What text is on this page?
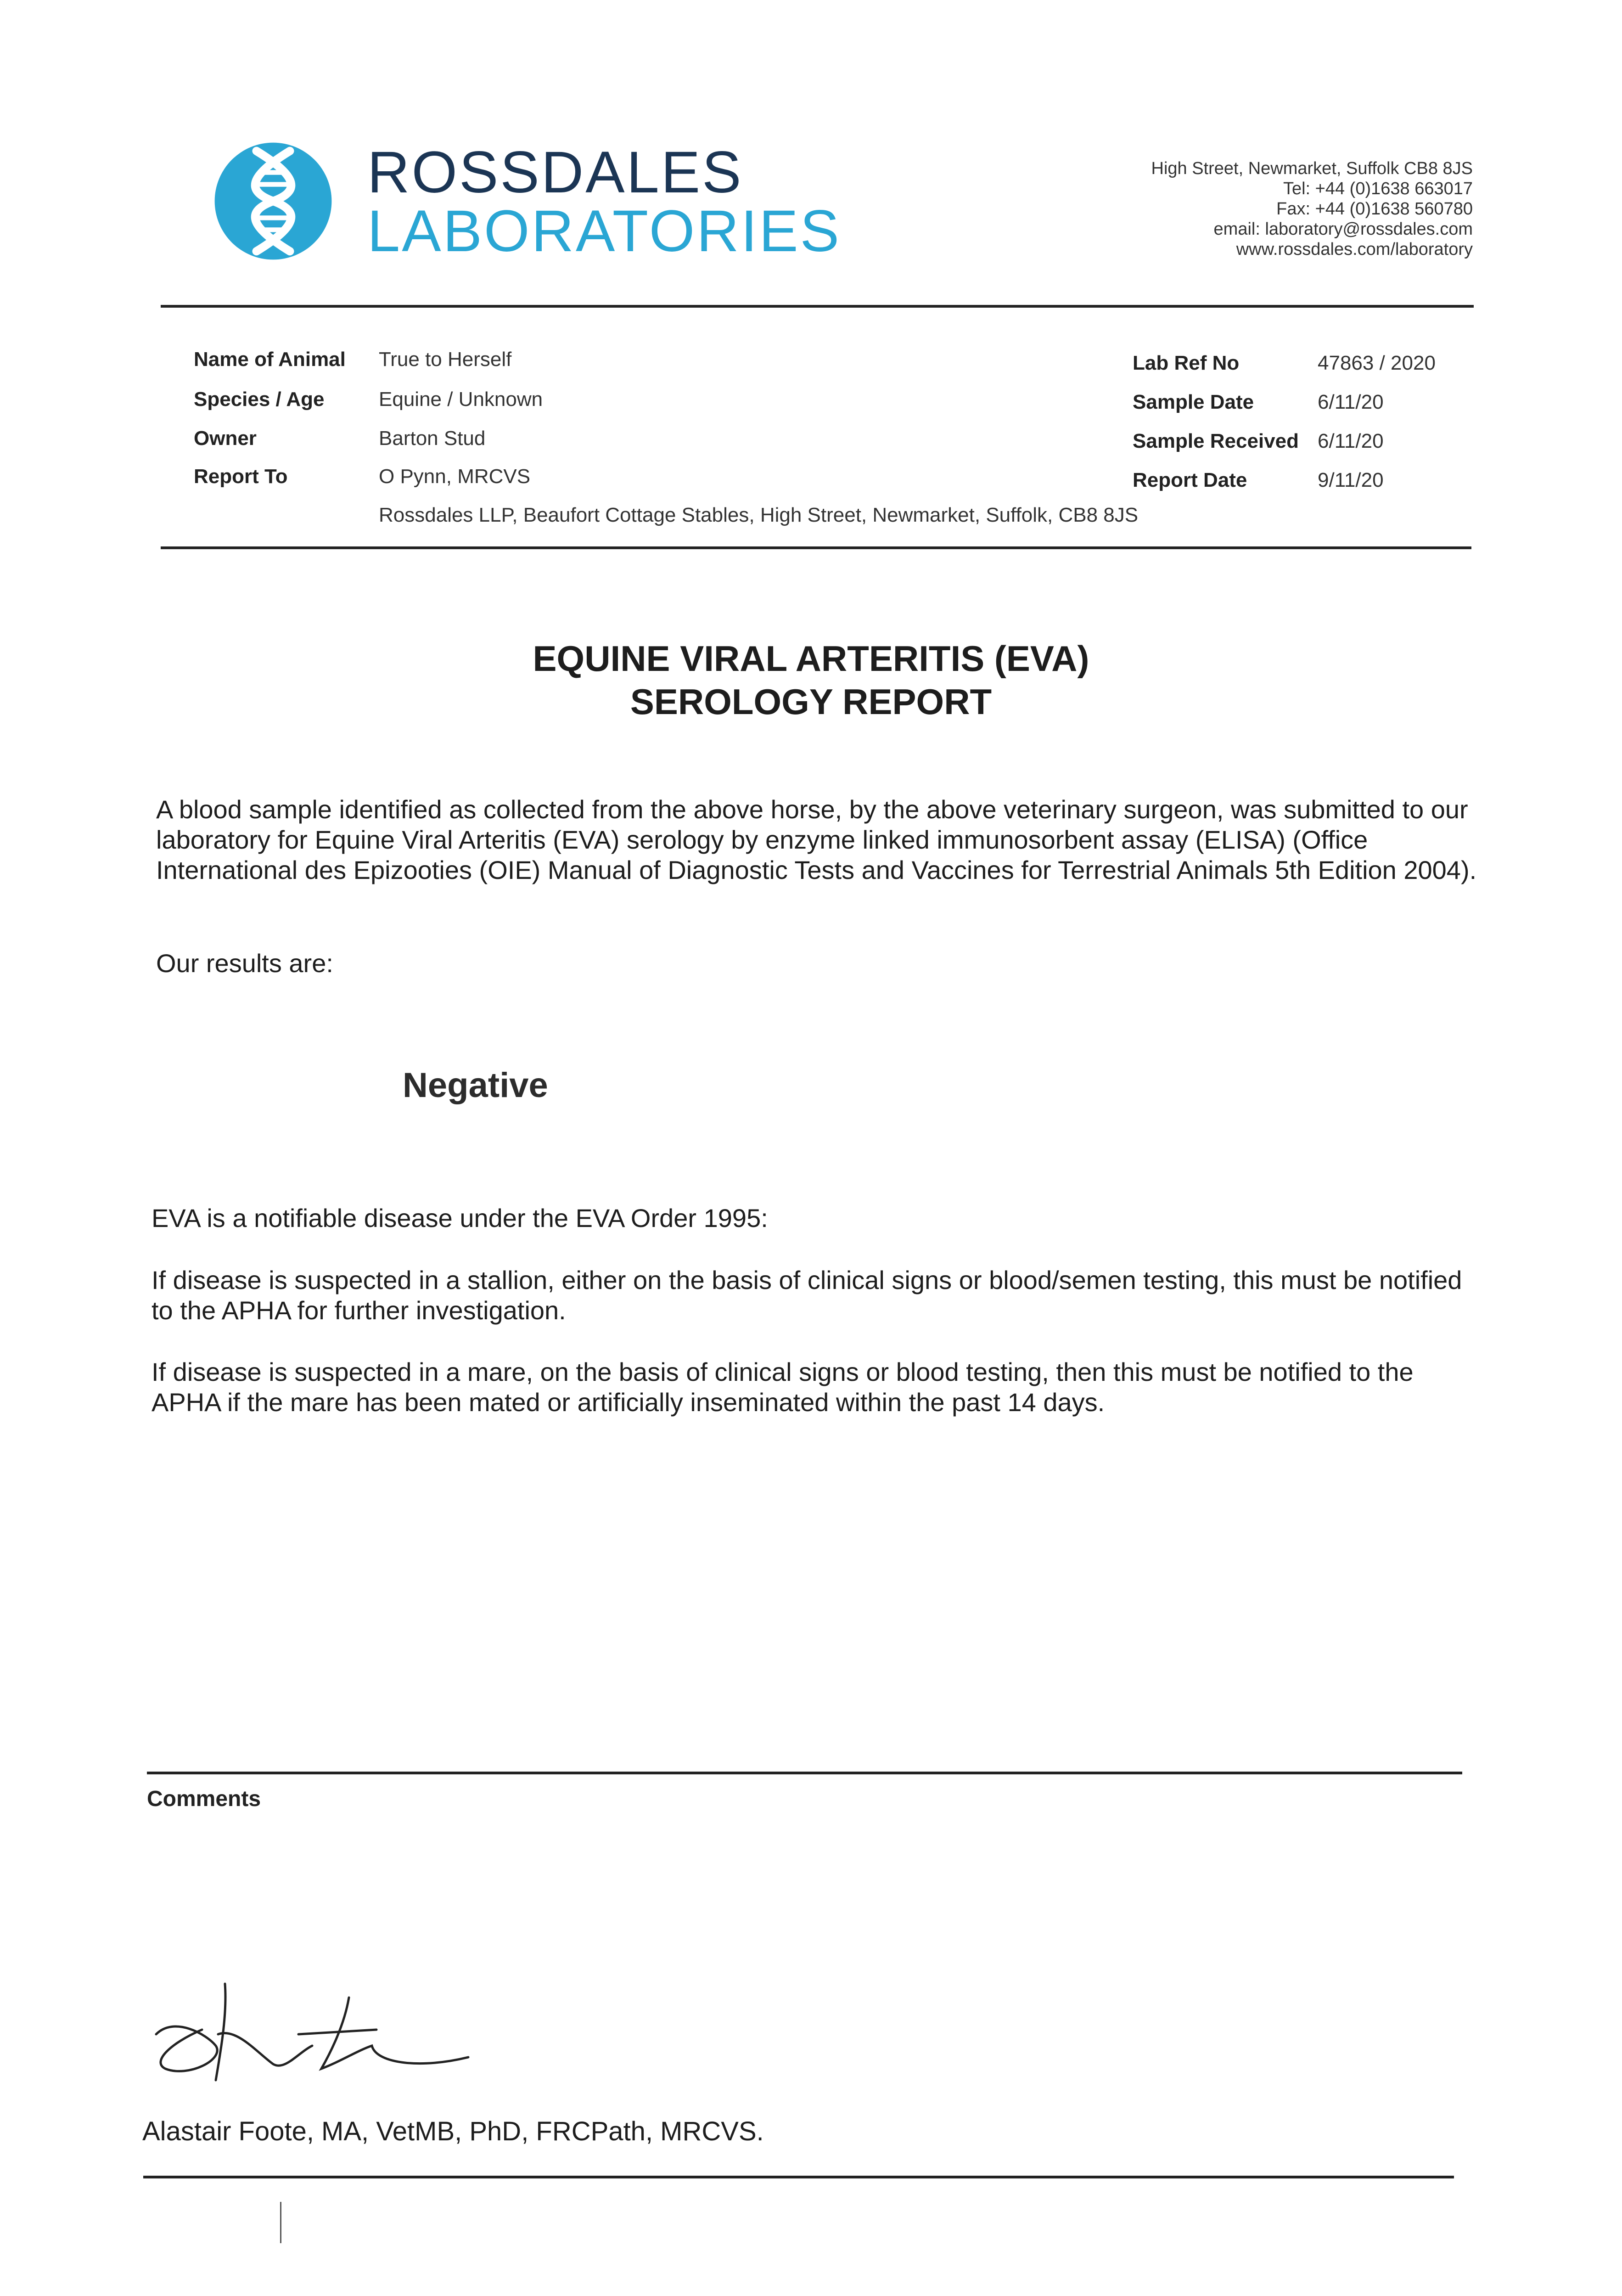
ROSSDALES
LABORATORIES
High Street, Newmarket, Suffolk CB8 8JS
Tel: +44 (0)1638 663017
Fax: +44 (0)1638 560780
email: laboratory@rossdales.com
www.rossdales.com/laboratory
Name of Animal True to Herself
Species / Age	Equine / Unknown
Owner	Barton Stud
Report To	O Pynn, MRCVS
Rossdales LLP, Beaufort Cottage Stables, High Street, Newmarket, Suffolk, CB8 8JS
Lab Ref No	47863 / 2020
Sample Date	6/11/20
Sample Received 6/11/20
Report Date	9/11/20
EQUINE VIRAL ARTERITIS (EVA)
SEROLOGY REPORT
A blood sample identified as collected from the above horse, by the above veterinary surgeon, was submitted to our laboratory for Equine Viral Arteritis (EVA) serology by enzyme linked immunosorbent assay (ELISA) (Office International des Epizooties (OIE) Manual of Diagnostic Tests and Vaccines for Terrestrial Animals 5th Edition 2004).
Our results are:
Negative
EVA is a notifiable disease under the EVA Order 1995:
If disease is suspected in a stallion, either on the basis of clinical signs or blood/semen testing, this must be notified to the APHA for further investigation.
If disease is suspected in a mare, on the basis of clinical signs or blood testing, then this must be notified to the APHA if the mare has been mated or artificially inseminated within the past 14 days.
Comments
Alastair Foote, MA, VetMB, PhD, FRCPath, MRCVS.
